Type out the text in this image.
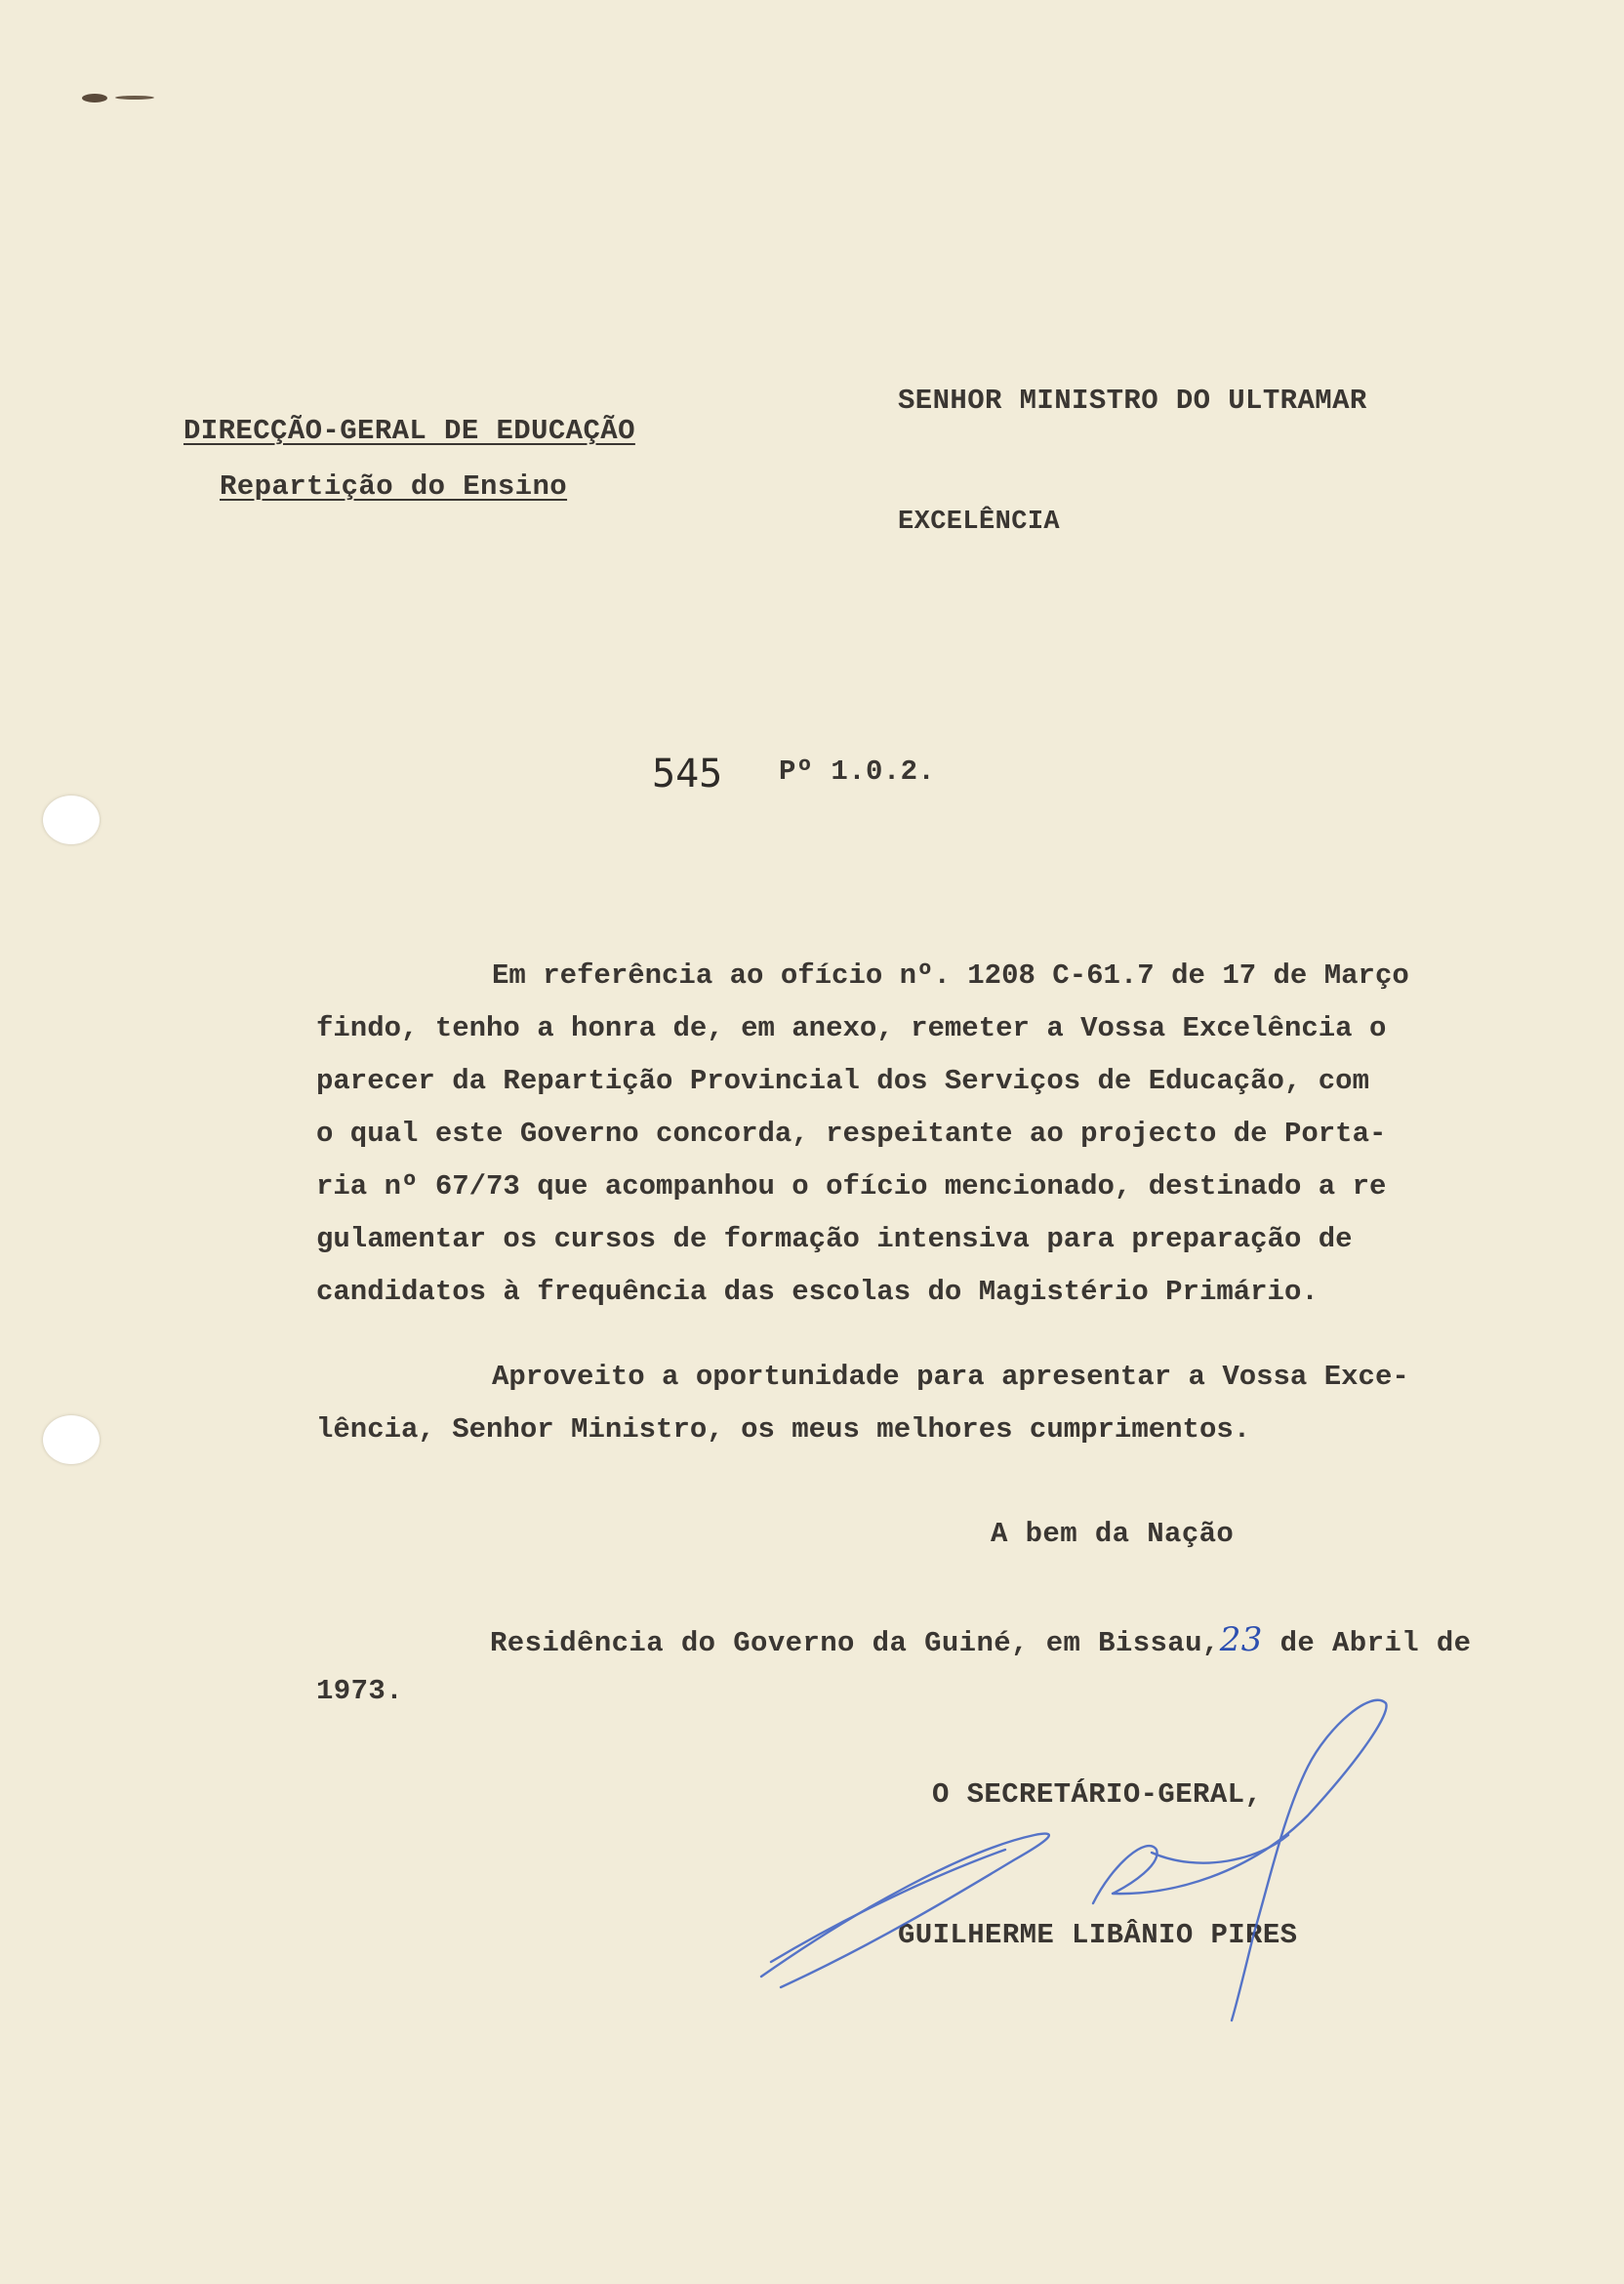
SENHOR MINISTRO DO ULTRAMAR
DIRECÇÃO-GERAL DE EDUCAÇÃO
Repartição do Ensino
EXCELÊNCIA
545 Pº 1.0.2.
Em referência ao ofício nº. 1208 C-61.7 de 17 de Março
findo, tenho a honra de, em anexo, remeter a Vossa Excelência o
parecer da Repartição Provincial dos Serviços de Educação, com
o qual este Governo concorda, respeitante ao projecto de Porta-
ria nº 67/73 que acompanhou o ofício mencionado, destinado a re
gulamentar os cursos de formação intensiva para preparação de
candidatos à frequência das escolas do Magistério Primário.
Aproveito a oportunidade para apresentar a Vossa Exce-
lência, Senhor Ministro, os meus melhores cumprimentos.
A bem da Nação
Residência do Governo da Guiné, em Bissau,23 de Abril de
1973.
O SECRETÁRIO-GERAL,
GUILHERME LIBÂNIO PIRES
